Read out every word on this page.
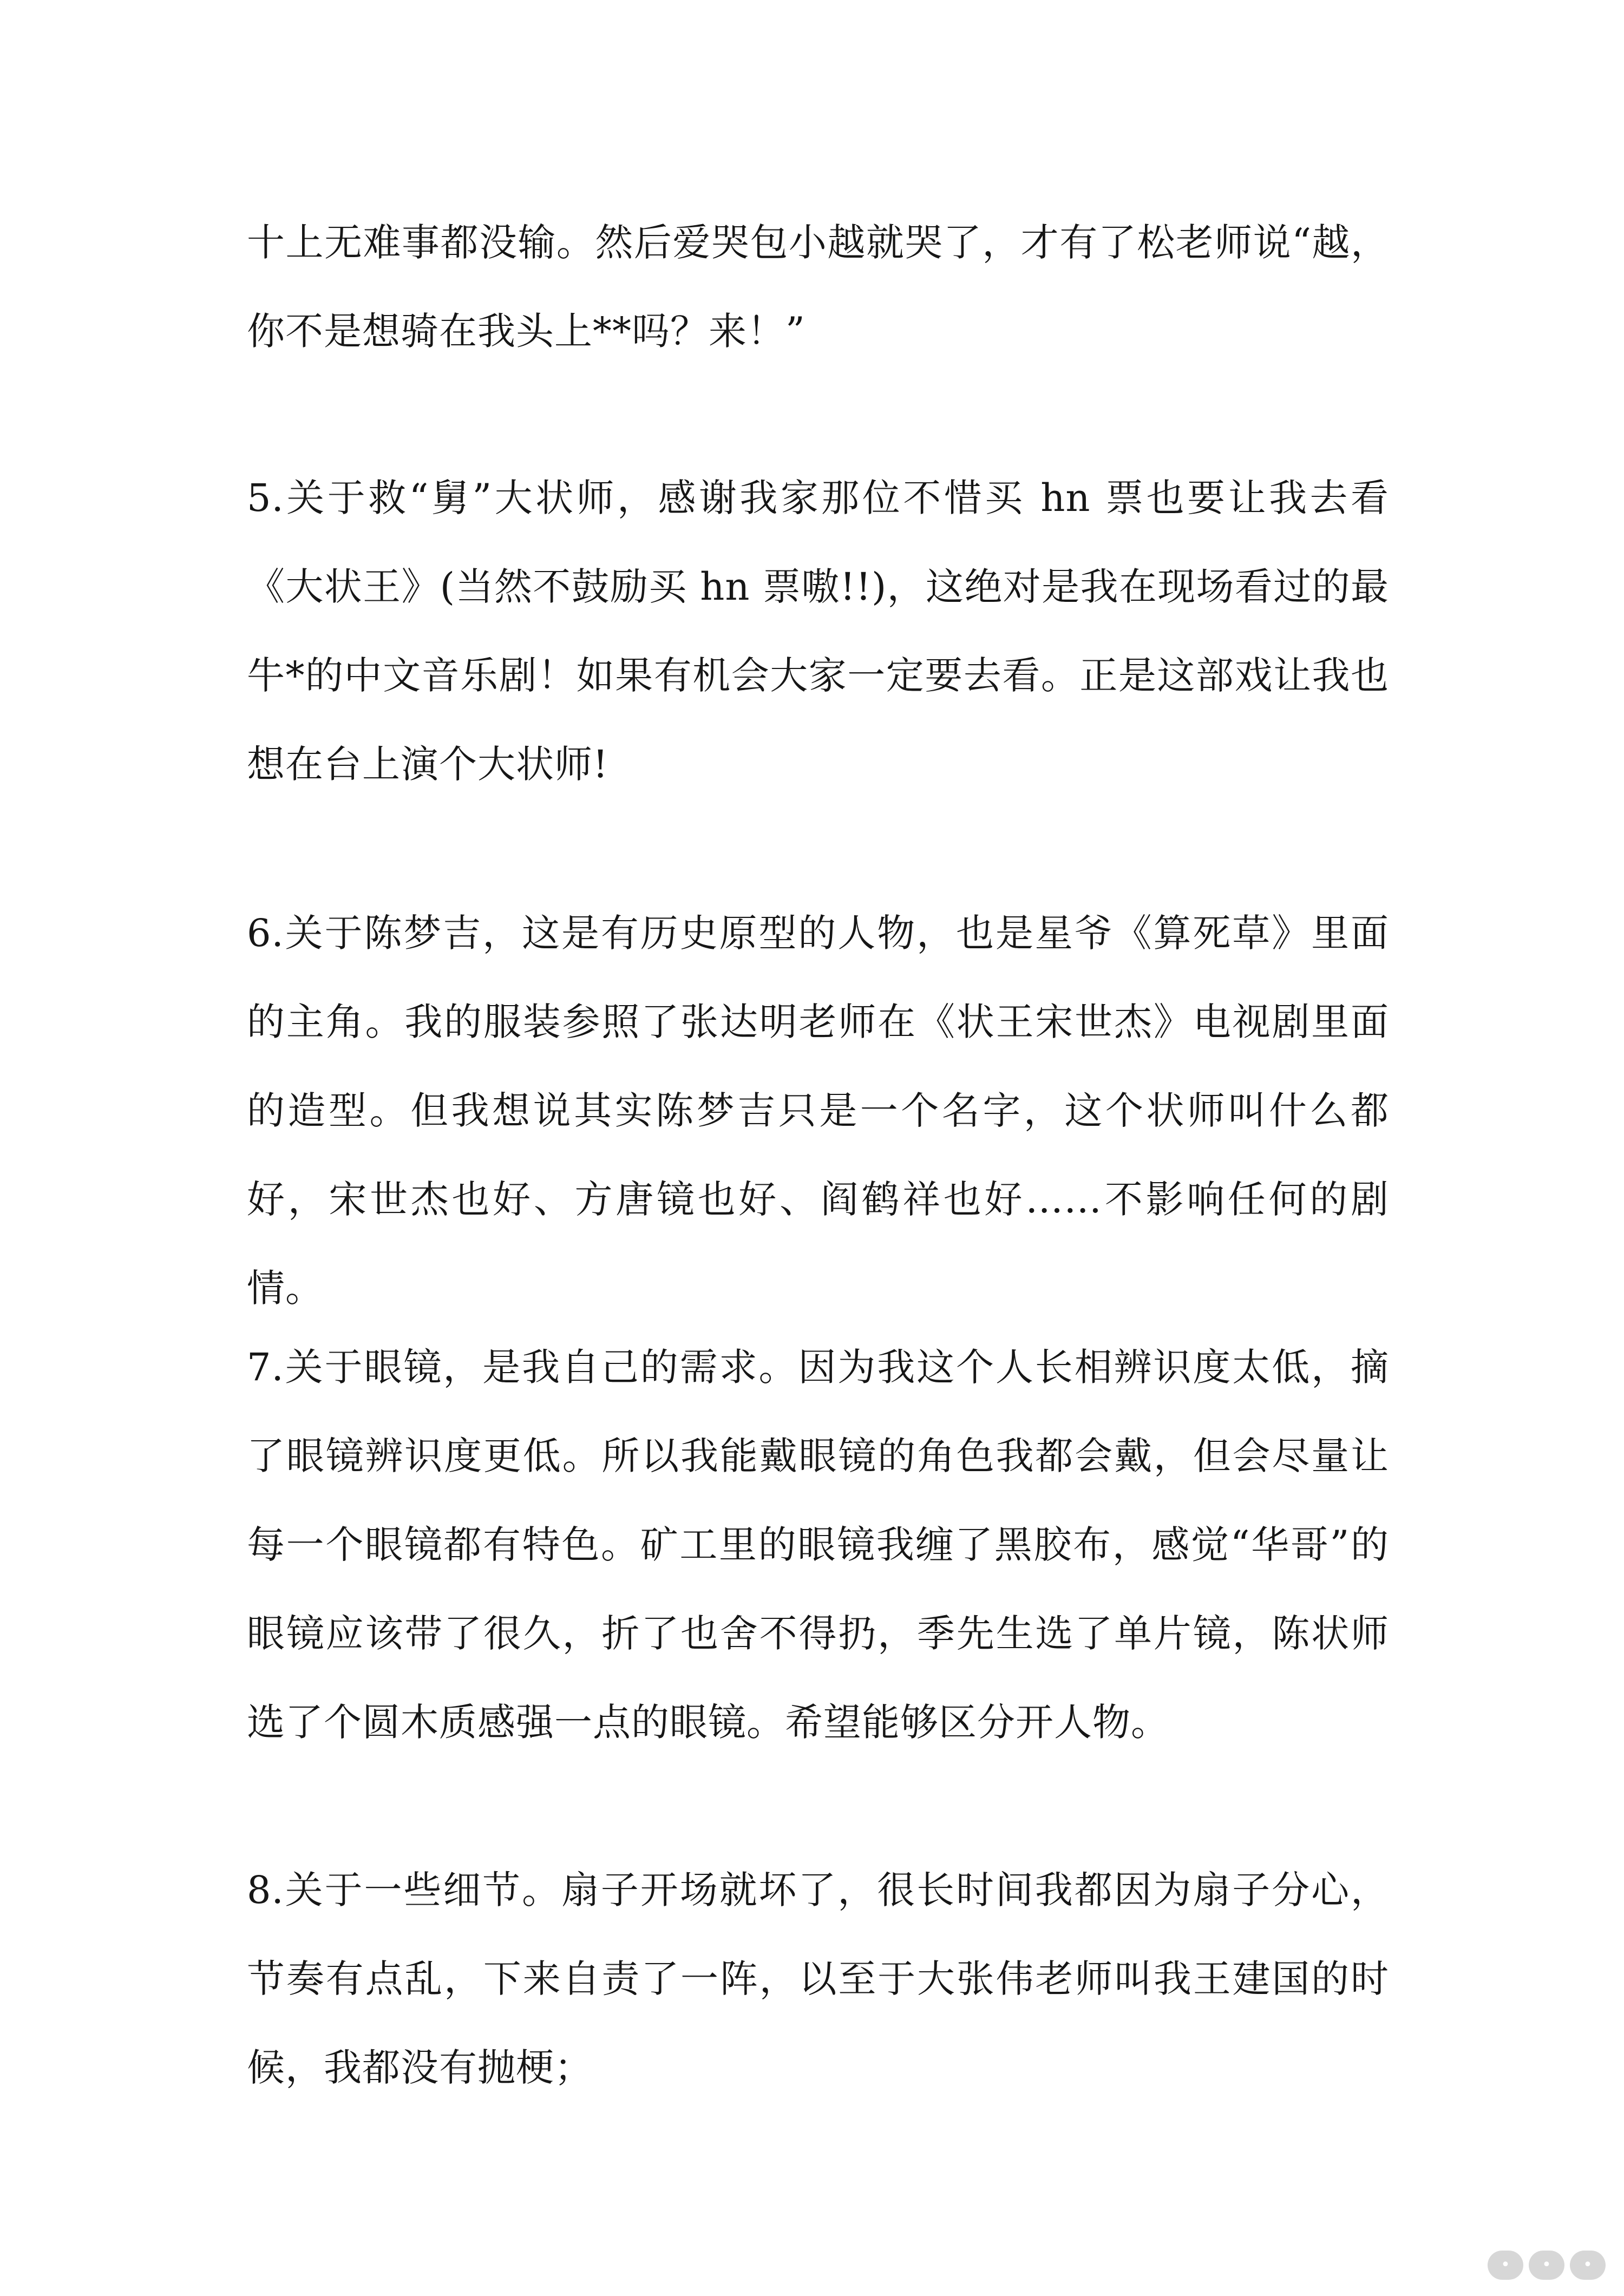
十上无难事都没输。然后爱哭包小越就哭了，才有了松老师说“越，你不是想骑在我头上**吗？来！”

5.关于救“舅”大状师，感谢我家那位不惜买 hn 票也要让我去看《大状王》(当然不鼓励买 hn 票嗷!!)，这绝对是我在现场看过的最牛*的中文音乐剧！如果有机会大家一定要去看。正是这部戏让我也想在台上演个大状师!

6.关于陈梦吉，这是有历史原型的人物，也是星爷《算死草》里面的主角。我的服装参照了张达明老师在《状王宋世杰》电视剧里面的造型。但我想说其实陈梦吉只是一个名字，这个状师叫什么都好，宋世杰也好、方唐镜也好、阎鹤祥也好……不影响任何的剧情。

7.关于眼镜，是我自己的需求。因为我这个人长相辨识度太低，摘了眼镜辨识度更低。所以我能戴眼镜的角色我都会戴，但会尽量让每一个眼镜都有特色。矿工里的眼镜我缠了黑胶布，感觉“华哥”的眼镜应该带了很久，折了也舍不得扔，季先生选了单片镜，陈状师选了个圆木质感强一点的眼镜。希望能够区分开人物。

8.关于一些细节。扇子开场就坏了，很长时间我都因为扇子分心，节奏有点乱，下来自责了一阵，以至于大张伟老师叫我王建国的时候，我都没有抛梗；

•	•	•
